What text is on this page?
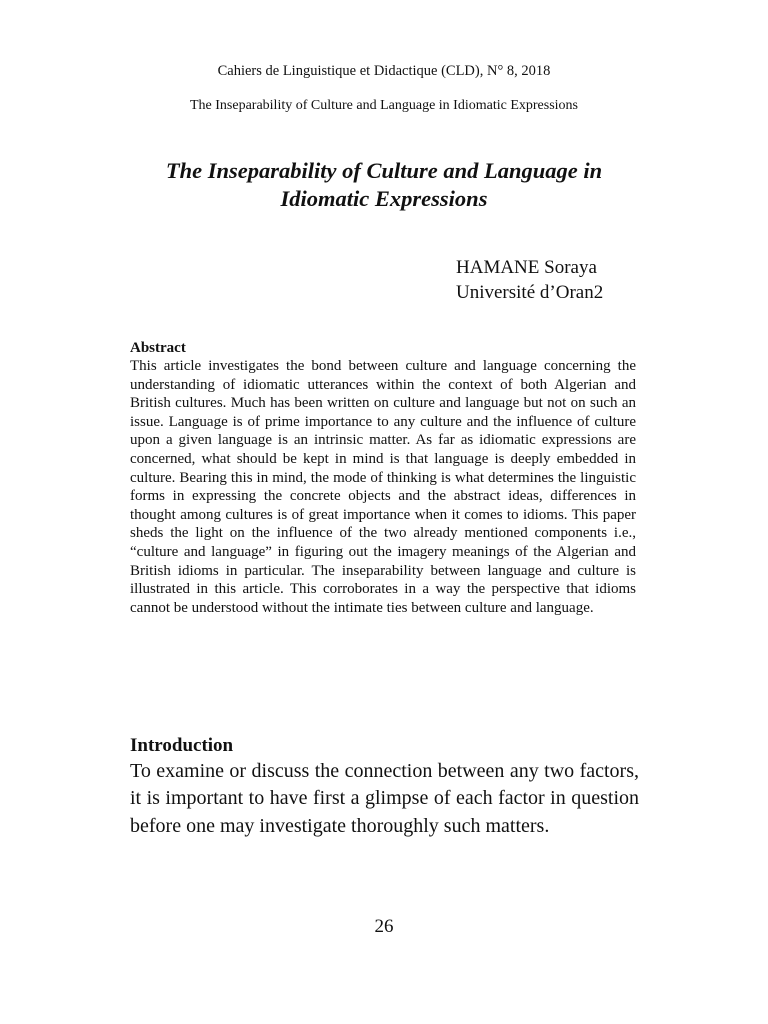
Cahiers de Linguistique et Didactique (CLD), N° 8, 2018
The Inseparability of Culture and Language in Idiomatic Expressions
The Inseparability of Culture and Language in
Idiomatic Expressions
HAMANE Soraya
Université d’Oran2
Abstract

This article investigates the bond between culture and language concerning the understanding of idiomatic utterances within the context of both Algerian and British cultures. Much has been written on culture and language but not on such an issue. Language is of prime importance to any culture and the influence of culture upon a given language is an intrinsic matter. As far as idiomatic expressions are concerned, what should be kept in mind is that language is deeply embedded in culture. Bearing this in mind, the mode of thinking is what determines the linguistic forms in expressing the concrete objects and the abstract ideas, differences in thought among cultures is of great importance when it comes to idioms. This paper sheds the light on the influence of the two already mentioned components i.e., “culture and language” in figuring out the imagery meanings of the Algerian and British idioms in particular. The inseparability between language and culture is illustrated in this article. This corroborates in a way the perspective that idioms cannot be understood without the intimate ties between culture and language.

Introduction

To examine or discuss the connection between any two factors, it is important to have first a glimpse of each factor in question before one may investigate thoroughly such matters.

26
